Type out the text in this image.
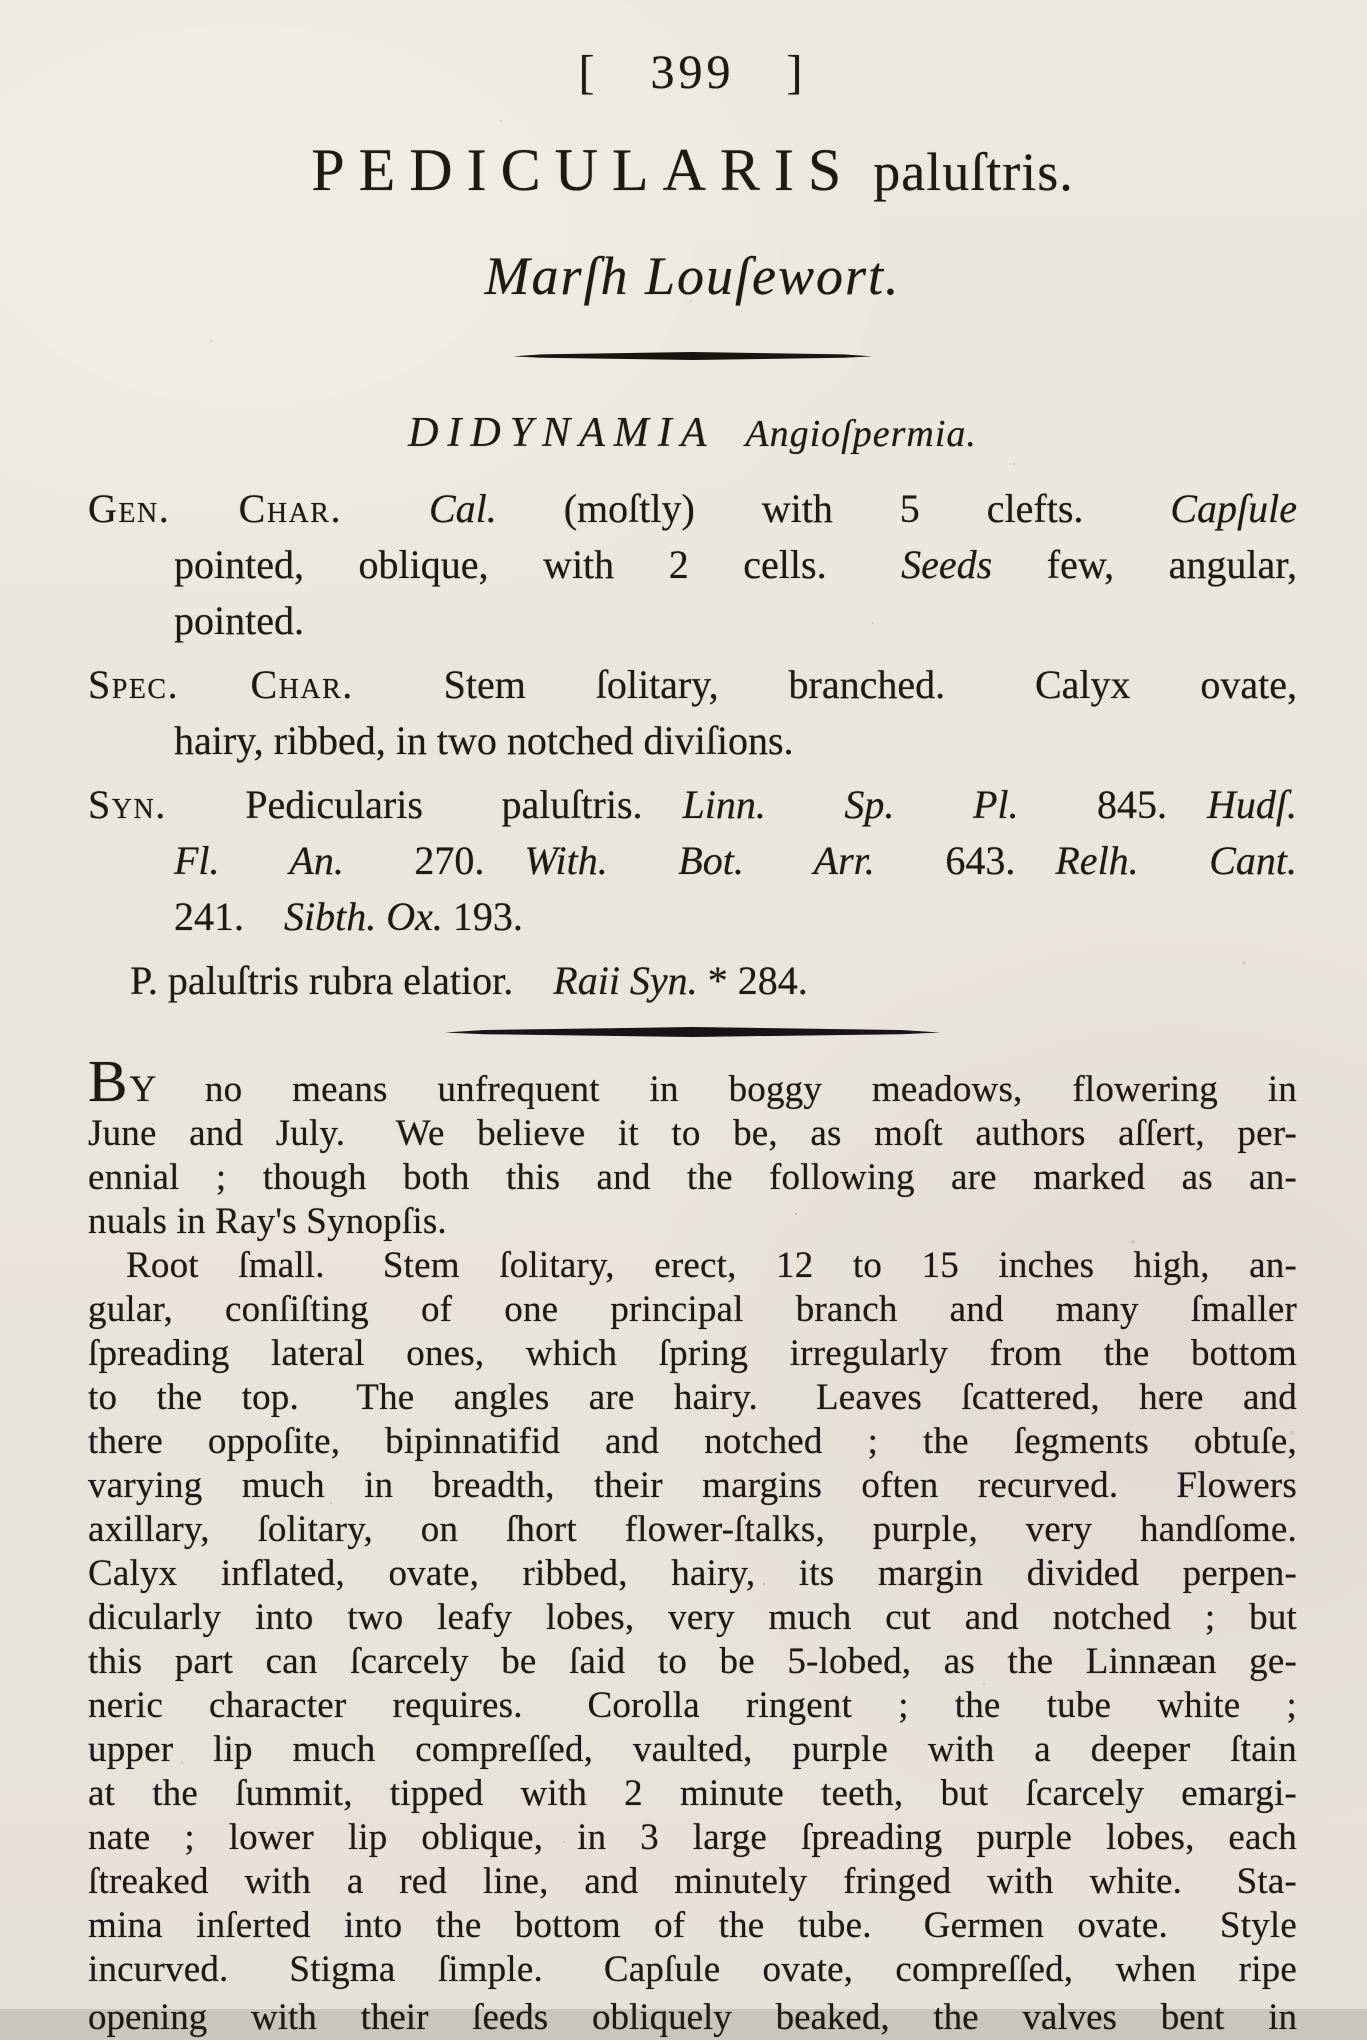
[ 399 ]
PEDICULARIS paluſtris.
Marſh Louſewort.
DIDYNAMIA Angioſpermia.
Gen. Char.  Cal. (moſtly) with 5 clefts.  Capſule
pointed, oblique, with 2 cells.  Seeds few, angular,
pointed.
Spec. Char.  Stem ſolitary, branched.  Calyx ovate,
hairy, ribbed, in two notched diviſions.
Syn. Pedicularis paluſtris.  Linn. Sp. Pl. 845.  Hudſ.
Fl. An. 270.  With. Bot. Arr. 643.  Relh. Cant.
241.  Sibth. Ox. 193.
P. paluſtris rubra elatior.  Raii Syn. * 284.
BY no means unfrequent in boggy meadows, flowering in
June and July.  We believe it to be, as moſt authors aſſert, per-
ennial ; though both this and the following are marked as an-
nuals in Ray's Synopſis.
Root ſmall.  Stem ſolitary, erect, 12 to 15 inches high, an-
gular, conſiſting of one principal branch and many ſmaller
ſpreading lateral ones, which ſpring irregularly from the bottom
to the top.  The angles are hairy.  Leaves ſcattered, here and
there oppoſite, bipinnatifid and notched ; the ſegments obtuſe,
varying much in breadth, their margins often recurved.  Flowers
axillary, ſolitary, on ſhort flower-ſtalks, purple, very handſome.
Calyx inflated, ovate, ribbed, hairy, its margin divided perpen-
dicularly into two leafy lobes, very much cut and notched ; but
this part can ſcarcely be ſaid to be 5-lobed, as the Linnæan ge-
neric character requires.  Corolla ringent ; the tube white ;
upper lip much compreſſed, vaulted, purple with a deeper ſtain
at the ſummit, tipped with 2 minute teeth, but ſcarcely emargi-
nate ; lower lip oblique, in 3 large ſpreading purple lobes, each
ſtreaked with a red line, and minutely fringed with white.  Sta-
mina inſerted into the bottom of the tube.  Germen ovate.  Style
incurved.  Stigma ſimple.  Capſule ovate, compreſſed, when ripe
opening with their ſeeds obliquely beaked, the valves bent in
